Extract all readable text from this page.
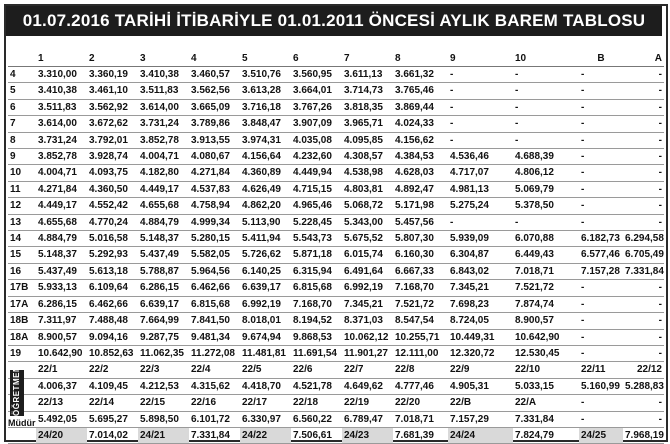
01.07.2016 TARİHİ İTİBARİYLE 01.01.2011 ÖNCESİ AYLIK BAREM TABLOSU
	1	2	3	4	5	6	7	8	9	10	B	A
4	3.310,00	3.360,19	3.410,38	3.460,57	3.510,76	3.560,95	3.611,13	3.661,32	-	-	-	-
5	3.410,38	3.461,10	3.511,83	3.562,56	3.613,28	3.664,01	3.714,73	3.765,46	-	-	-	-
6	3.511,83	3.562,92	3.614,00	3.665,09	3.716,18	3.767,26	3.818,35	3.869,44	-	-	-	-
7	3.614,00	3.672,62	3.731,24	3.789,86	3.848,47	3.907,09	3.965,71	4.024,33	-	-	-	-
8	3.731,24	3.792,01	3.852,78	3.913,55	3.974,31	4.035,08	4.095,85	4.156,62	-	-	-	-
9	3.852,78	3.928,74	4.004,71	4.080,67	4.156,64	4.232,60	4.308,57	4.384,53	4.536,46	4.688,39	-	-
10	4.004,71	4.093,75	4.182,80	4.271,84	4.360,89	4.449,94	4.538,98	4.628,03	4.717,07	4.806,12	-	-
11	4.271,84	4.360,50	4.449,17	4.537,83	4.626,49	4.715,15	4.803,81	4.892,47	4.981,13	5.069,79	-	-
12	4.449,17	4.552,42	4.655,68	4.758,94	4.862,20	4.965,46	5.068,72	5.171,98	5.275,24	5.378,50	-	-
13	4.655,68	4.770,24	4.884,79	4.999,34	5.113,90	5.228,45	5.343,00	5.457,56	-	-	-	-
14	4.884,79	5.016,58	5.148,37	5.280,15	5.411,94	5.543,73	5.675,52	5.807,30	5.939,09	6.070,88	6.182,73	6.294,58
15	5.148,37	5.292,93	5.437,49	5.582,05	5.726,62	5.871,18	6.015,74	6.160,30	6.304,87	6.449,43	6.577,46	6.705,49
16	5.437,49	5.613,18	5.788,87	5.964,56	6.140,25	6.315,94	6.491,64	6.667,33	6.843,02	7.018,71	7.157,28	7.331,84
17B	5.933,13	6.109,64	6.286,15	6.462,66	6.639,17	6.815,68	6.992,19	7.168,70	7.345,21	7.521,72	-	-
17A	6.286,15	6.462,66	6.639,17	6.815,68	6.992,19	7.168,70	7.345,21	7.521,72	7.698,23	7.874,74	-	-
18B	7.311,97	7.488,48	7.664,99	7.841,50	8.018,01	8.194,52	8.371,03	8.547,54	8.724,05	8.900,57	-	-
18A	8.900,57	9.094,16	9.287,75	9.481,34	9.674,94	9.868,53	10.062,12	10.255,71	10.449,31	10.642,90	-	-
19	10.642,90	10.852,63	11.062,35	11.272,08	11.481,81	11.691,54	11.901,27	12.111,00	12.320,72	12.530,45	-	-
	22/1	22/2	22/3	22/4	22/5	22/6	22/7	22/8	22/9	22/10	22/11	22/12
	4.006,37	4.109,45	4.212,53	4.315,62	4.418,70	4.521,78	4.649,62	4.777,46	4.905,31	5.033,15	5.160,99	5.288,83
	22/13	22/14	22/15	22/16	22/17	22/18	22/19	22/20	22/B	22/A	-	-
	5.492,05	5.695,27	5.898,50	6.101,72	6.330,97	6.560,22	6.789,47	7.018,71	7.157,29	7.331,84	-	-
	24/20	7.014,02	24/21	7.331,84	24/22	7.506,61	24/23	7.681,39	24/24	7.824,79	24/25	7.968,19
ÖĞRETMEN
Müdür
